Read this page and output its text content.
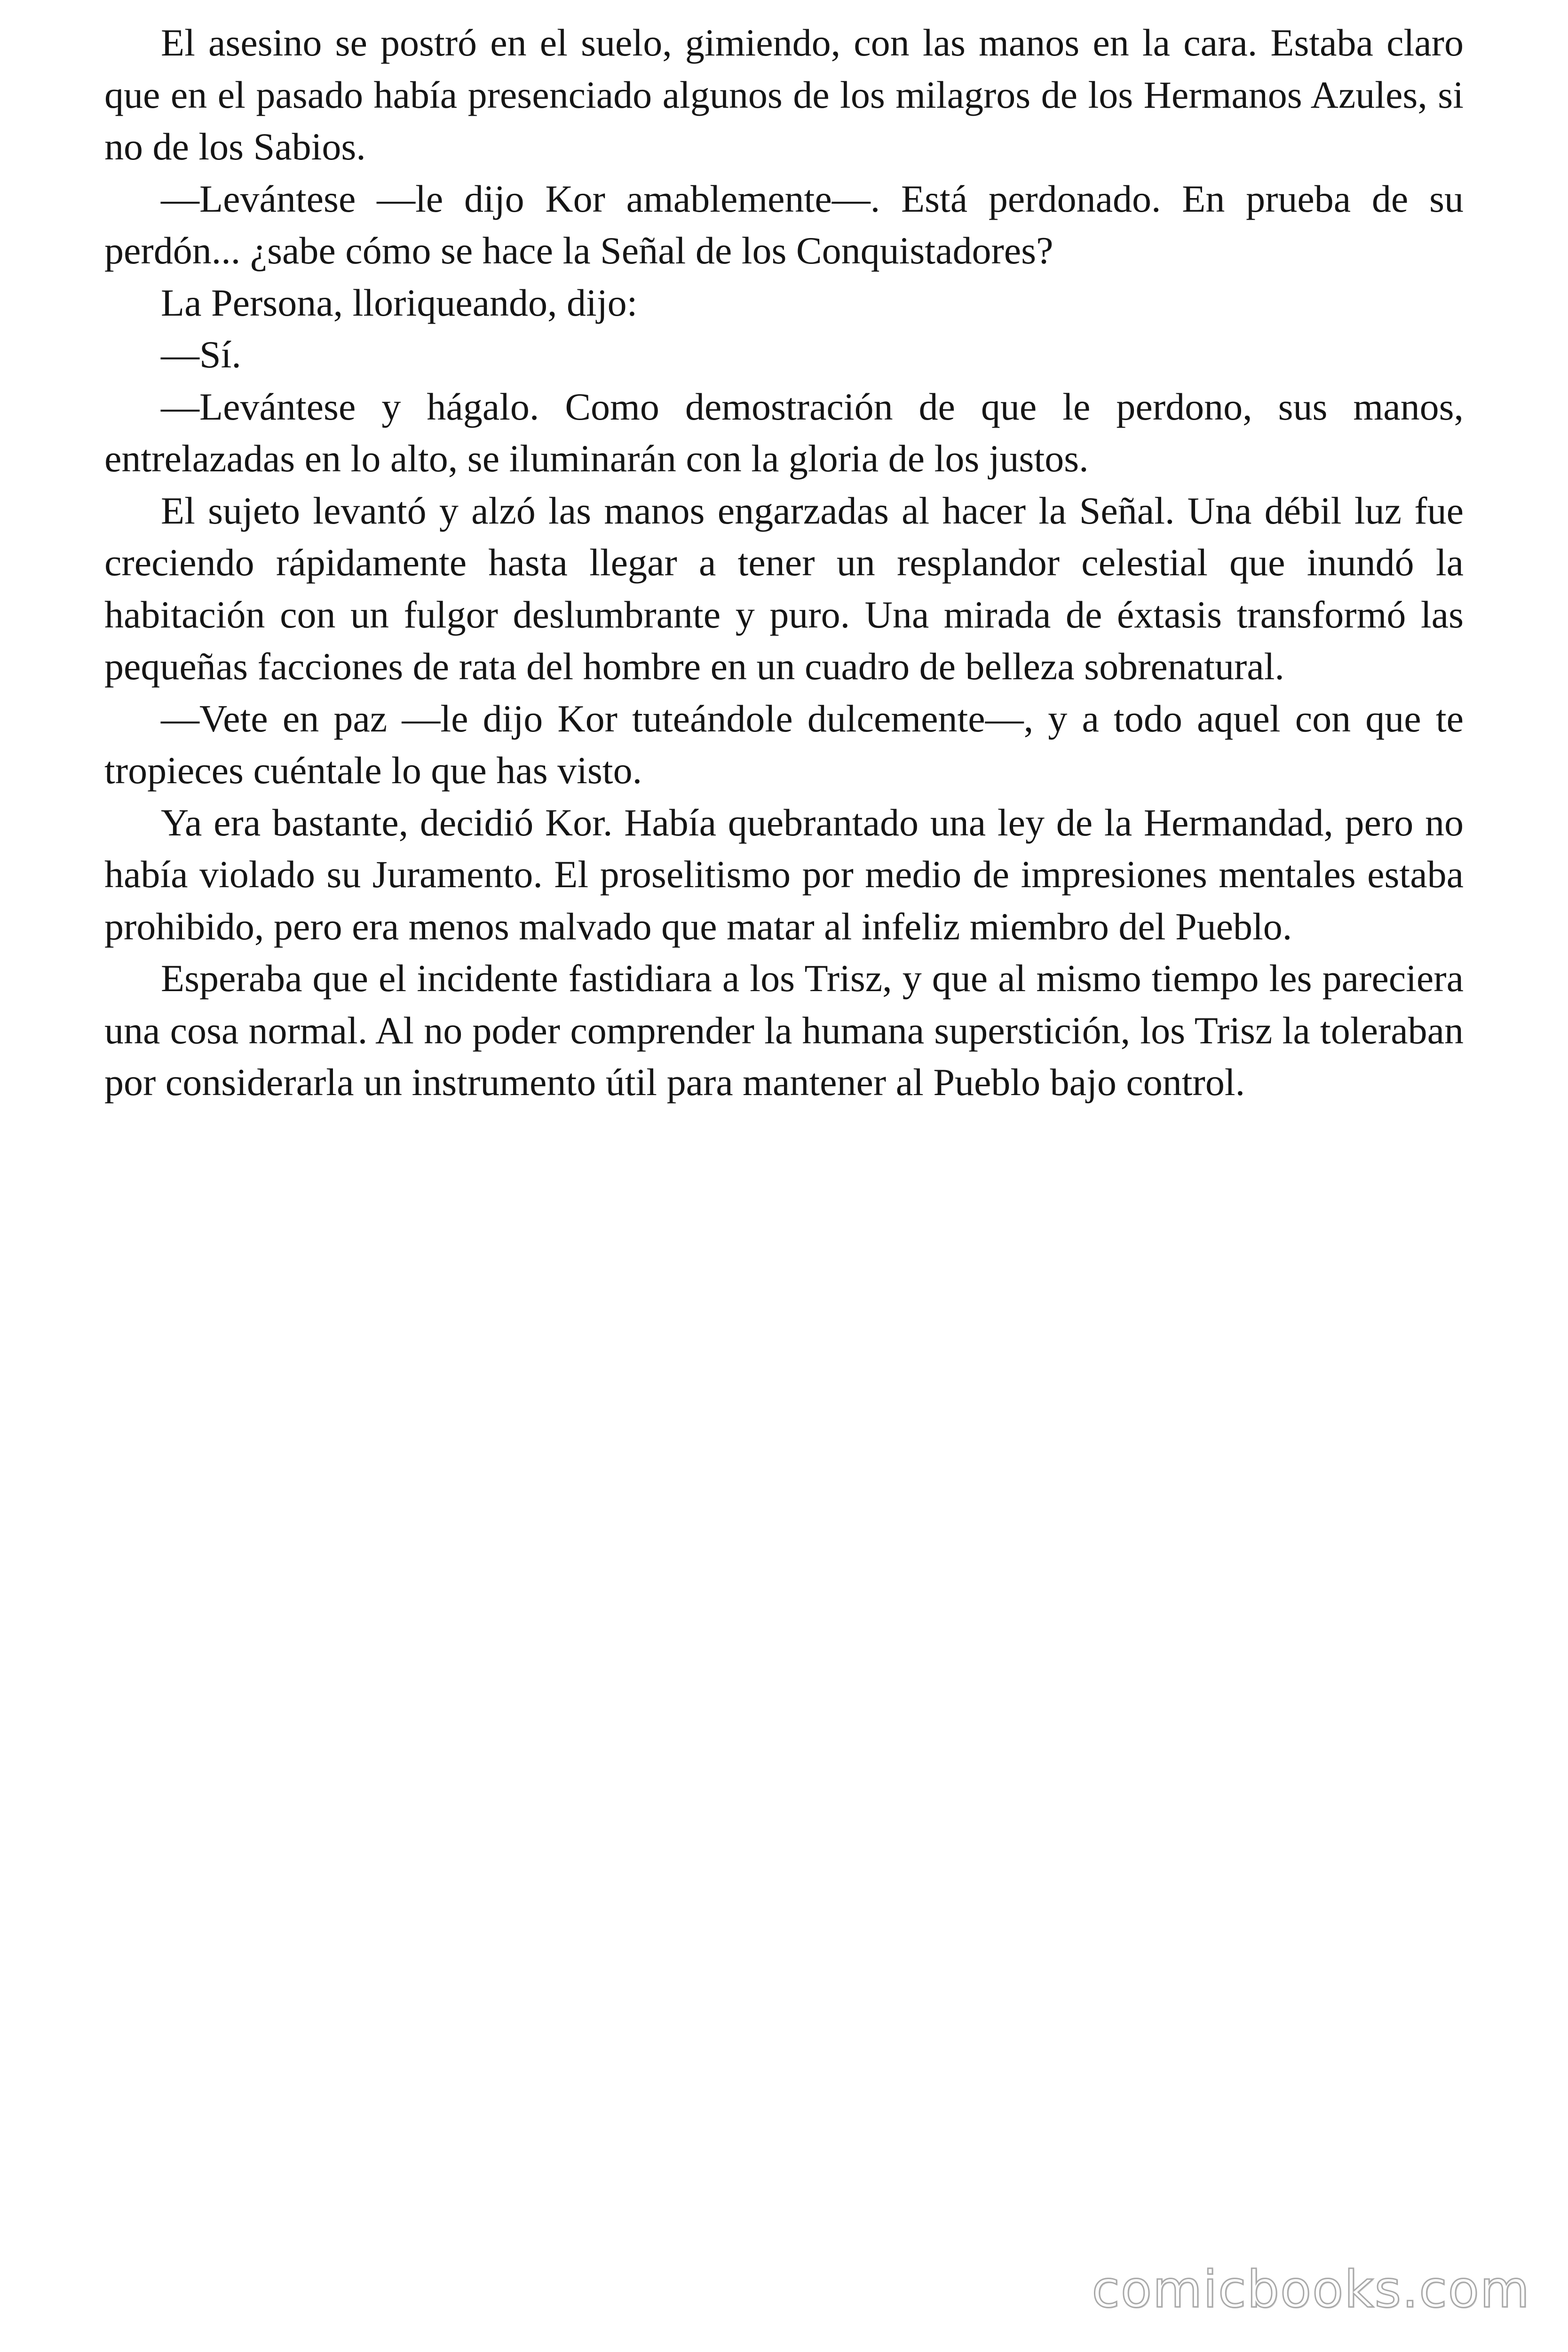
El asesino se postró en el suelo, gimiendo, con las manos en la cara. Estaba claro que en el pasado había presenciado algunos de los milagros de los Hermanos Azules, si no de los Sabios.

—Levántese —le dijo Kor amablemente—. Está perdonado. En prueba de su perdón... ¿sabe cómo se hace la Señal de los Conquistadores?

La Persona, lloriqueando, dijo:

—Sí.

—Levántese y hágalo. Como demostración de que le perdono, sus manos, entrelazadas en lo alto, se iluminarán con la gloria de los justos.

El sujeto levantó y alzó las manos engarzadas al hacer la Señal. Una débil luz fue creciendo rápidamente hasta llegar a tener un resplandor celestial que inundó la habitación con un fulgor deslumbrante y puro. Una mirada de éxtasis transformó las pequeñas facciones de rata del hombre en un cuadro de belleza sobrenatural.

—Vete en paz —le dijo Kor tuteándole dulcemente—, y a todo aquel con que te tropieces cuéntale lo que has visto.

Ya era bastante, decidió Kor. Había quebrantado una ley de la Hermandad, pero no había violado su Juramento. El proselitismo por medio de impresiones mentales estaba prohibido, pero era menos malvado que matar al infeliz miembro del Pueblo.

Esperaba que el incidente fastidiara a los Trisz, y que al mismo tiempo les pareciera una cosa normal. Al no poder comprender la humana superstición, los Trisz la toleraban por considerarla un instrumento útil para mantener al Pueblo bajo control.

comicbooks.com
